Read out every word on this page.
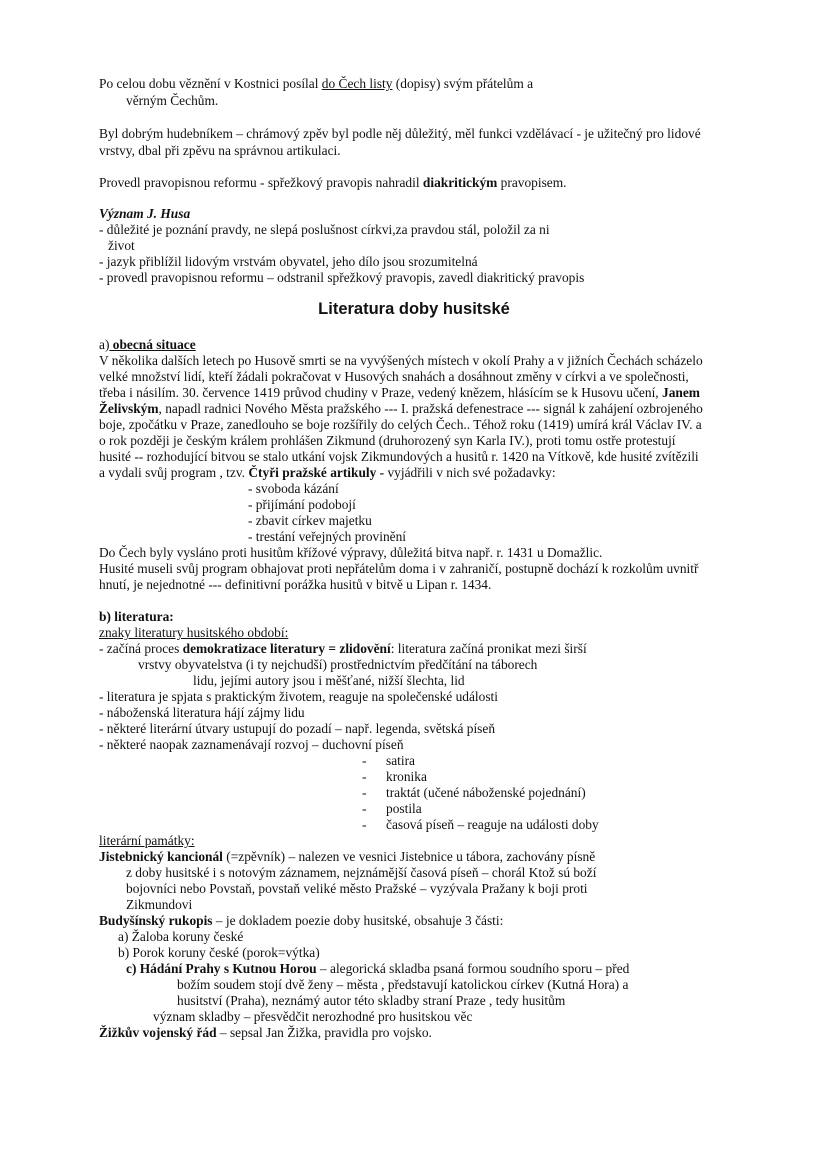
Po celou dobu věznění v Kostnici posílal do Čech listy (dopisy) svým přátelům a
věrným Čechům.
Byl dobrým hudebníkem – chrámový zpěv byl podle něj důležitý, měl funkci vzdělávací - je užitečný pro lidové
vrstvy, dbal při zpěvu na správnou artikulaci.
Provedl pravopisnou reformu - spřežkový pravopis nahradil diakritickým pravopisem.
Význam J. Husa
- důležité je poznání pravdy, ne slepá poslušnost církvi,za pravdou stál, položil za ni
život
- jazyk přiblížil lidovým vrstvám obyvatel, jeho dílo jsou srozumitelná
- provedl pravopisnou reformu – odstranil spřežkový pravopis, zavedl diakritický pravopis
Literatura doby husitské
a) obecná situace
V několika dalších letech po Husově smrti se na vyvýšených místech v okolí Prahy a v jižních Čechách scházelo
velké množství lidí, kteří žádali pokračovat v Husových snahách a dosáhnout změny v církvi a ve společnosti,
třeba i násilím. 30. července 1419 průvod chudiny v Praze, vedený knězem, hlásícím se k Husovu učení, Janem
Želivským, napadl radnici Nového Města pražského --- I. pražská defenestrace --- signál k zahájení ozbrojeného
boje, zpočátku v Praze, zanedlouho se boje rozšířily do celých Čech.. Téhož roku (1419) umírá král Václav IV. a
o rok později je českým králem prohlášen Zikmund (druhorozený syn Karla IV.), proti tomu ostře protestují
husité -- rozhodující bitvou se stalo utkání vojsk Zikmundových a husitů r. 1420 na Vítkově, kde husité zvítězili
a vydali svůj program , tzv. Čtyři pražské artikuly - vyjádřili v nich své požadavky:
- svoboda kázání
- přijímání podobojí
- zbavit církev majetku
- trestání veřejných provinění
Do Čech byly vysláno proti husitům křížové výpravy, důležitá bitva např. r. 1431 u Domažlic.
Husité museli svůj program obhajovat proti nepřátelům doma i v zahraničí, postupně dochází k rozkolům uvnitř
hnutí, je nejednotné --- definitivní porážka husitů v bitvě u Lipan r. 1434.
b) literatura:
znaky literatury husitského období:
- začíná proces demokratizace literatury = zlidovění: literatura začíná pronikat mezi širší
vrstvy obyvatelstva (i ty nejchudší) prostřednictvím předčítání na táborech
lidu, jejími autory jsou i měšťané, nižší šlechta, lid
- literatura je spjata s praktickým životem, reaguje na společenské události
- náboženská literatura hájí zájmy lidu
- některé literární útvary ustupují do pozadí – např. legenda, světská píseň
- některé naopak zaznamenávají rozvoj – duchovní píseň
- satira
- kronika
- traktát (učené náboženské pojednání)
- postila
- časová píseň – reaguje na události doby
literární památky:
Jistebnický kancionál (=zpěvník) – nalezen ve vesnici Jistebnice u tábora, zachovány písně
z doby husitské i s notovým záznamem, nejznámější časová píseň – chorál Ktož sú boží
bojovníci nebo Povstaň, povstaň veliké město Pražské – vyzývala Pražany k boji proti
Zikmundovi
Budyšínský rukopis – je dokladem poezie doby husitské, obsahuje 3 části:
a) Žaloba koruny české
b) Porok koruny české (porok=výtka)
c) Hádání Prahy s Kutnou Horou – alegorická skladba psaná formou soudního sporu – před
božím soudem stojí dvě ženy – města , představují katolickou církev (Kutná Hora) a
husitství (Praha), neznámý autor této skladby straní Praze , tedy husitům
význam skladby – přesvědčit nerozhodné pro husitskou věc
Žižkův vojenský řád – sepsal Jan Žižka, pravidla pro vojsko.
